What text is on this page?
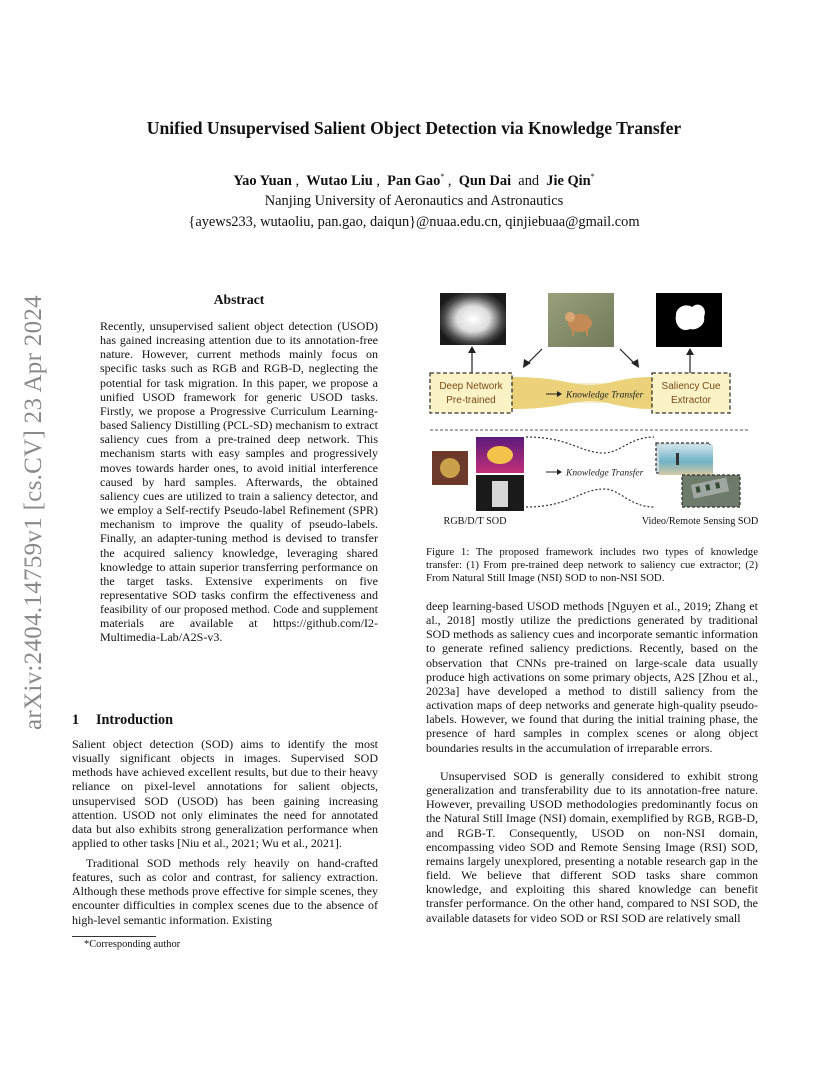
arXiv:2404.14759v1 [cs.CV] 23 Apr 2024
Unified Unsupervised Salient Object Detection via Knowledge Transfer
Yao Yuan ,  Wutao Liu ,  Pan Gao* ,  Qun Dai  and  Jie Qin*
Nanjing University of Aeronautics and Astronautics
{ayews233, wutaoliu, pan.gao, daiqun}@nuaa.edu.cn, qinjiebuaa@gmail.com
Abstract
Recently, unsupervised salient object detection (USOD) has gained increasing attention due to its annotation-free nature. However, current methods mainly focus on specific tasks such as RGB and RGB-D, neglecting the potential for task migration. In this paper, we propose a unified USOD framework for generic USOD tasks. Firstly, we propose a Progressive Curriculum Learning-based Saliency Distilling (PCL-SD) mechanism to extract saliency cues from a pre-trained deep network. This mechanism starts with easy samples and progressively moves towards harder ones, to avoid initial interference caused by hard samples. Afterwards, the obtained saliency cues are utilized to train a saliency detector, and we employ a Self-rectify Pseudo-label Refinement (SPR) mechanism to improve the quality of pseudo-labels. Finally, an adapter-tuning method is devised to transfer the acquired saliency knowledge, leveraging shared knowledge to attain superior transferring performance on the target tasks. Extensive experiments on five representative SOD tasks confirm the effectiveness and feasibility of our proposed method. Code and supplement materials are available at https://github.com/I2-Multimedia-Lab/A2S-v3.
1 Introduction
Salient object detection (SOD) aims to identify the most visually significant objects in images. Supervised SOD methods have achieved excellent results, but due to their heavy reliance on pixel-level annotations for salient objects, unsupervised SOD (USOD) has been gaining increasing attention. USOD not only eliminates the need for annotated data but also exhibits strong generalization performance when applied to other tasks [Niu et al., 2021; Wu et al., 2021].
Traditional SOD methods rely heavily on hand-crafted features, such as color and contrast, for saliency extraction. Although these methods prove effective for simple scenes, they encounter difficulties in complex scenes due to the absence of high-level semantic information. Existing
*Corresponding author
Deep Network
Pre-trained
Saliency Cue
Extractor
Knowledge Transfer
Knowledge Transfer
RGB/D/T SOD	Video/Remote Sensing SOD
Figure 1: The proposed framework includes two types of knowledge transfer: (1) From pre-trained deep network to saliency cue extractor; (2) From Natural Still Image (NSI) SOD to non-NSI SOD.
deep learning-based USOD methods [Nguyen et al., 2019; Zhang et al., 2018] mostly utilize the predictions generated by traditional SOD methods as saliency cues and incorporate semantic information to generate refined saliency predictions. Recently, based on the observation that CNNs pre-trained on large-scale data usually produce high activations on some primary objects, A2S [Zhou et al., 2023a] have developed a method to distill saliency from the activation maps of deep networks and generate high-quality pseudo-labels. However, we found that during the initial training phase, the presence of hard samples in complex scenes or along object boundaries results in the accumulation of irreparable errors.
Unsupervised SOD is generally considered to exhibit strong generalization and transferability due to its annotation-free nature. However, prevailing USOD methodologies predominantly focus on the Natural Still Image (NSI) domain, exemplified by RGB, RGB-D, and RGB-T. Consequently, USOD on non-NSI domain, encompassing video SOD and Remote Sensing Image (RSI) SOD, remains largely unexplored, presenting a notable research gap in the field. We believe that different SOD tasks share common knowledge, and exploiting this shared knowledge can benefit transfer performance. On the other hand, compared to NSI SOD, the available datasets for video SOD or RSI SOD are relatively small
